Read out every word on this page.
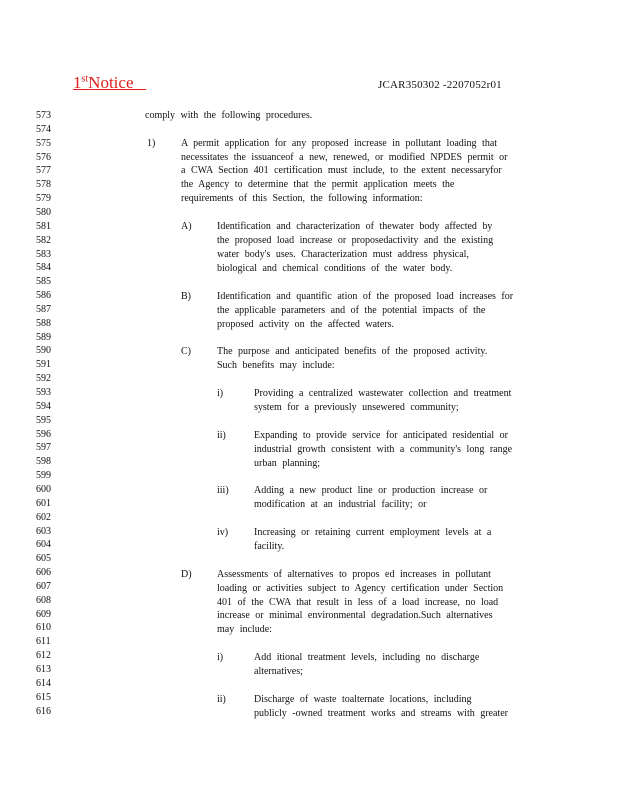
1stNotice	JCAR350302 -2207052r01
573
574
575
576
577
578
579
580
581
582
583
584
585
586
587
588
589
590
591
592
593
594
595
596
597
598
599
600
601
602
603
604
605
606
607
608
609
610
611
612
613
614
615
616
1)
A)
B)
C)
i)
ii)
iii)
iv)
D)
i)
ii)
comply with the following procedures.
A permit application for any proposed increase in pollutant loading that
necessitates the issuanceof a new, renewed, or modified NPDES permit or
a CWA Section 401 certification must include, to the extent necessaryfor
the Agency to determine that the permit application meets the
requirements of this Section, the following information:
Identification and characterization of thewater body affected by
the proposed load increase or proposedactivity and the existing
water body's uses. Characterization must address physical,
biological and chemical conditions of the water body.
Identification and quantific ation of the proposed load increases for
the applicable parameters and of the potential impacts of the
proposed activity on the affected waters.
The purpose and anticipated benefits of the proposed activity.
Such benefits may include:
Providing a centralized wastewater collection and treatment
system for a previously unsewered community;
Expanding to provide service for anticipated residential or
industrial growth consistent with a community's long range
urban planning;
Adding a new product line or production increase or
modification at an industrial facility; or
Increasing or retaining current employment levels at a
facility.
Assessments of alternatives to propos ed increases in pollutant
loading or activities subject to Agency certification under Section
401 of the CWA that result in less of a load increase, no load
increase or minimal environmental degradation.Such alternatives
may include:
Add itional treatment levels, including no discharge
alternatives;
Discharge of waste toalternate locations, including
publicly -owned treatment works and streams with greater
